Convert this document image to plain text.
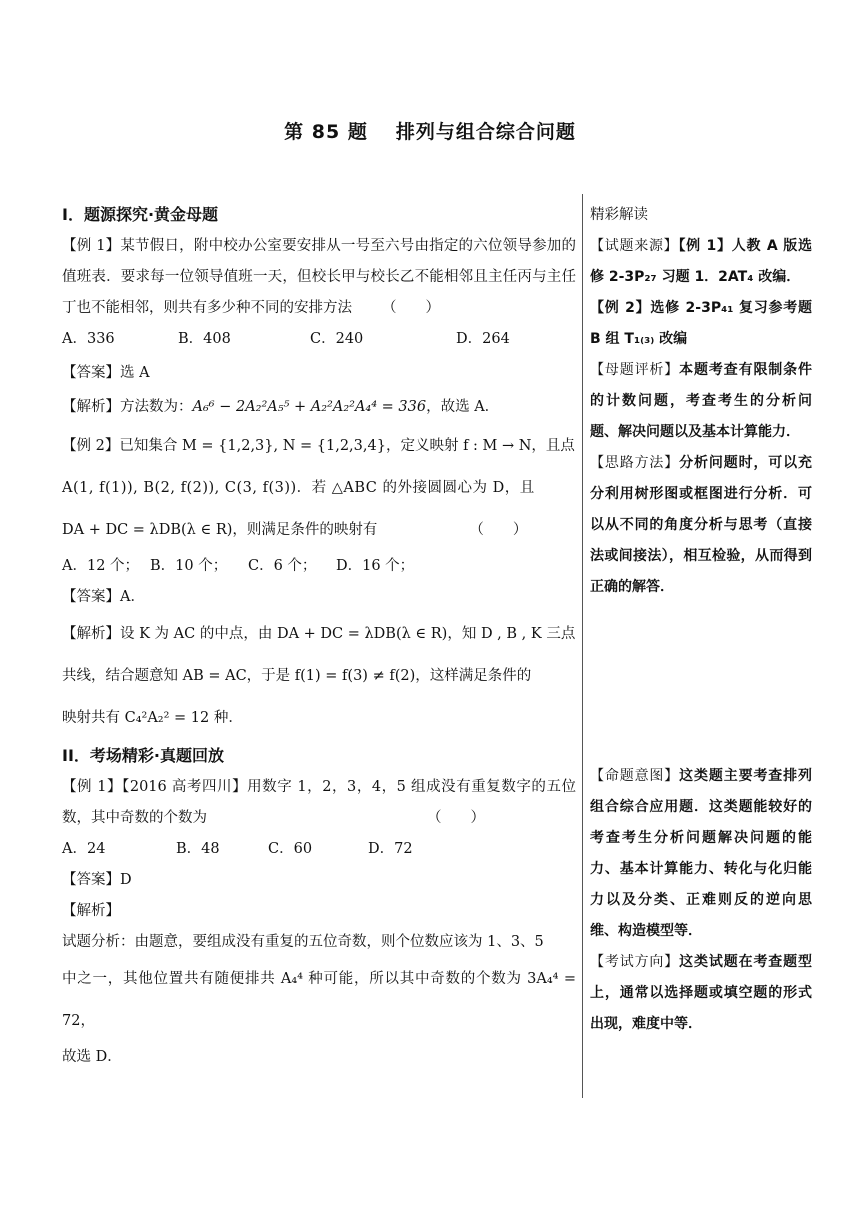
第 85 题 排列与组合综合问题
I．题源探究·黄金母题

【例 1】某节假日，附中校办公室要安排从一号至六号由指定的六位领导参加的值班表．要求每一位领导值班一天，但校长甲与校长乙不能相邻且主任丙与主任丁也不能相邻，则共有多少种不同的安排方法 （　　）

A．336	B．408	C．240	D．264

【答案】选 A

【解析】方法数为：A₆⁶ − 2A₂²A₅⁵ + A₂²A₂²A₄⁴ = 336，故选 A．

【例 2】已知集合 M = {1,2,3}, N = {1,2,3,4}，定义映射 f : M → N，且点

A(1, f(1)), B(2, f(2)), C(3, f(3))．若 △ABC 的外接圆圆心为 D，且

DA + DC = λDB(λ ∈ R)，则满足条件的映射有	（　　）

A．12 个； B．10 个；	C．6 个；	D．16 个；

【答案】A．

【解析】设 K 为 AC 的中点，由 DA + DC = λDB(λ ∈ R)，知 D , B , K 三点

共线，结合题意知 AB = AC，于是 f(1) = f(3) ≠ f(2)，这样满足条件的

映射共有 C₄²A₂² = 12 种．

II．考场精彩·真题回放

【例 1】【2016 高考四川】用数字 1，2，3，4，5 组成没有重复数字的五位数，其中奇数的个数为	（　　）

A．24	B．48	C．60	D．72

【答案】D

【解析】

试题分析：由题意，要组成没有重复的五位奇数，则个位数应该为 1、3、5

中之一，其他位置共有随便排共 A₄⁴ 种可能，所以其中奇数的个数为 3A₄⁴ = 72，

故选 D．

精彩解读

【试题来源】【例 1】人教 A 版选修 2-3P₂₇ 习题 1．2AT₄ 改编．

【例 2】选修 2-3P₄₁ 复习参考题 B 组 T₁₍₃₎ 改编

【母题评析】本题考查有限制条件的计数问题，考查考生的分析问题、解决问题以及基本计算能力．

【思路方法】分析问题时，可以充分利用树形图或框图进行分析．可以从不同的角度分析与思考（直接法或间接法），相互检验，从而得到正确的解答．

【命题意图】这类题主要考查排列组合综合应用题．这类题能较好的考查考生分析问题解决问题的能力、基本计算能力、转化与化归能力以及分类、正难则反的逆向思维、构造模型等．

【考试方向】这类试题在考查题型上，通常以选择题或填空题的形式出现，难度中等．
